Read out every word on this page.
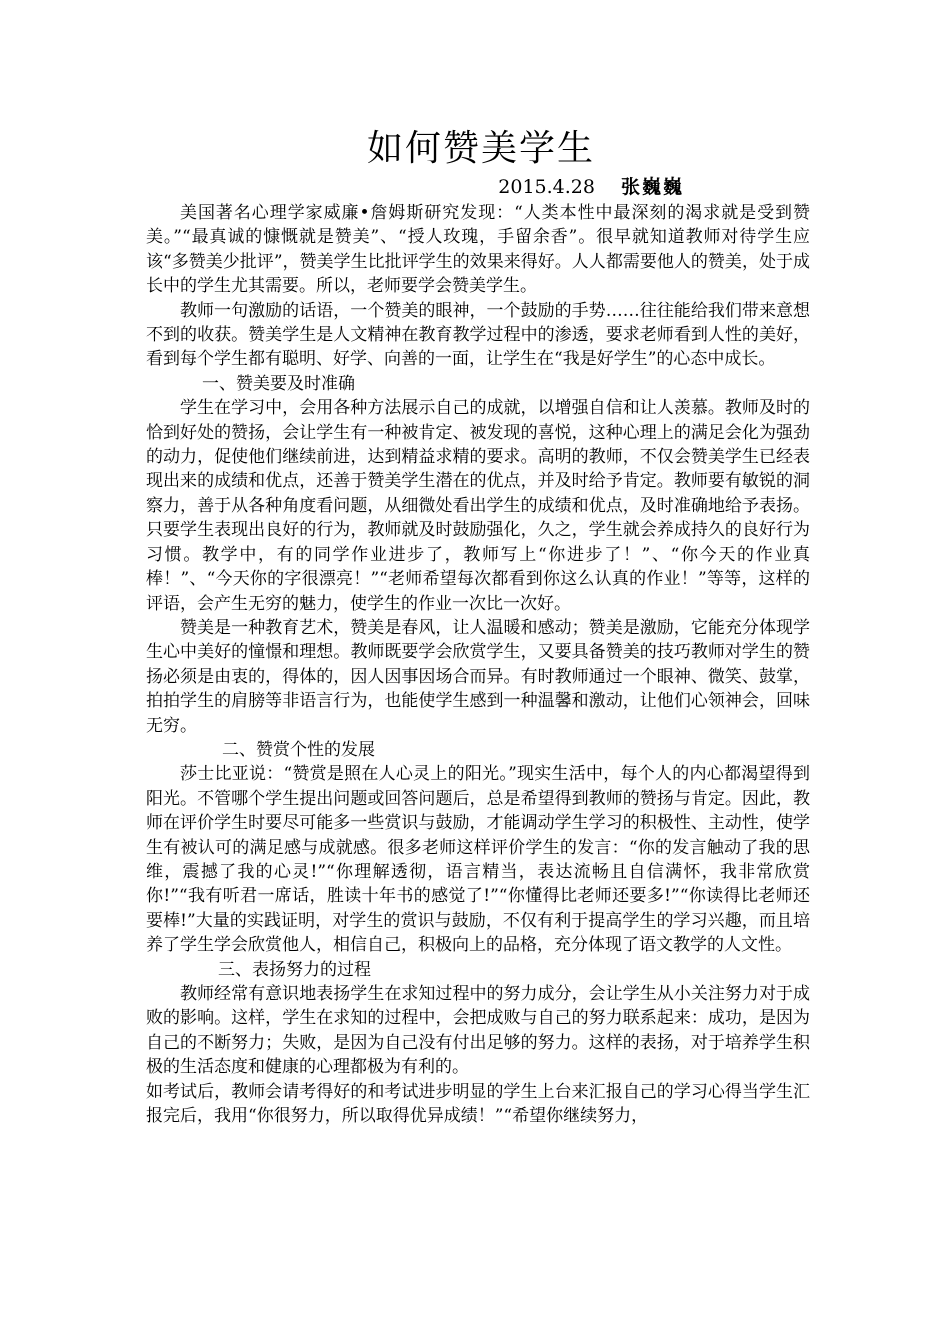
如何赞美学生
2015.4.28 张巍巍

美国著名心理学家威廉•詹姆斯研究发现：“人类本性中最深刻的渴求就是受到赞美。”“最真诚的慷慨就是赞美”、“授人玫瑰，手留余香”。很早就知道教师对待学生应该“多赞美少批评”，赞美学生比批评学生的效果来得好。人人都需要他人的赞美，处于成长中的学生尤其需要。所以，老师要学会赞美学生。

教师一句激励的话语，一个赞美的眼神，一个鼓励的手势……往往能给我们带来意想不到的收获。赞美学生是人文精神在教育教学过程中的渗透，要求老师看到人性的美好，看到每个学生都有聪明、好学、向善的一面，让学生在“我是好学生”的心态中成长。

一、赞美要及时准确

学生在学习中，会用各种方法展示自己的成就，以增强自信和让人羡慕。教师及时的恰到好处的赞扬，会让学生有一种被肯定、被发现的喜悦，这种心理上的满足会化为强劲的动力，促使他们继续前进，达到精益求精的要求。高明的教师，不仅会赞美学生已经表现出来的成绩和优点，还善于赞美学生潜在的优点，并及时给予肯定。教师要有敏锐的洞察力，善于从各种角度看问题，从细微处看出学生的成绩和优点，及时准确地给予表扬。只要学生表现出良好的行为，教师就及时鼓励强化，久之，学生就会养成持久的良好行为习惯。教学中，有的同学作业进步了，教师写上“你进步了！”、“你今天的作业真棒！”、“今天你的字很漂亮！”“老师希望每次都看到你这么认真的作业！”等等，这样的评语，会产生无穷的魅力，使学生的作业一次比一次好。

赞美是一种教育艺术，赞美是春风，让人温暖和感动；赞美是激励，它能充分体现学生心中美好的憧憬和理想。教师既要学会欣赏学生，又要具备赞美的技巧教师对学生的赞扬必须是由衷的，得体的，因人因事因场合而异。有时教师通过一个眼神、微笑、鼓掌，拍拍学生的肩膀等非语言行为，也能使学生感到一种温馨和激动，让他们心领神会，回味无穷。

二、赞赏个性的发展

莎士比亚说：“赞赏是照在人心灵上的阳光。”现实生活中，每个人的内心都渴望得到阳光。不管哪个学生提出问题或回答问题后，总是希望得到教师的赞扬与肯定。因此，教师在评价学生时要尽可能多一些赏识与鼓励，才能调动学生学习的积极性、主动性，使学生有被认可的满足感与成就感。很多老师这样评价学生的发言：“你的发言触动了我的思维，震撼了我的心灵!”“你理解透彻，语言精当，表达流畅且自信满怀，我非常欣赏你!”“我有听君一席话，胜读十年书的感觉了!”“你懂得比老师还要多!”“你读得比老师还要棒!”大量的实践证明，对学生的赏识与鼓励，不仅有利于提高学生的学习兴趣，而且培养了学生学会欣赏他人，相信自己，积极向上的品格，充分体现了语文教学的人文性。

三、表扬努力的过程

教师经常有意识地表扬学生在求知过程中的努力成分，会让学生从小关注努力对于成败的影响。这样，学生在求知的过程中，会把成败与自己的努力联系起来：成功，是因为自己的不断努力；失败，是因为自己没有付出足够的努力。这样的表扬，对于培养学生积极的生活态度和健康的心理都极为有利的。

如考试后，教师会请考得好的和考试进步明显的学生上台来汇报自己的学习心得当学生汇报完后，我用“你很努力，所以取得优异成绩！”“希望你继续努力，
